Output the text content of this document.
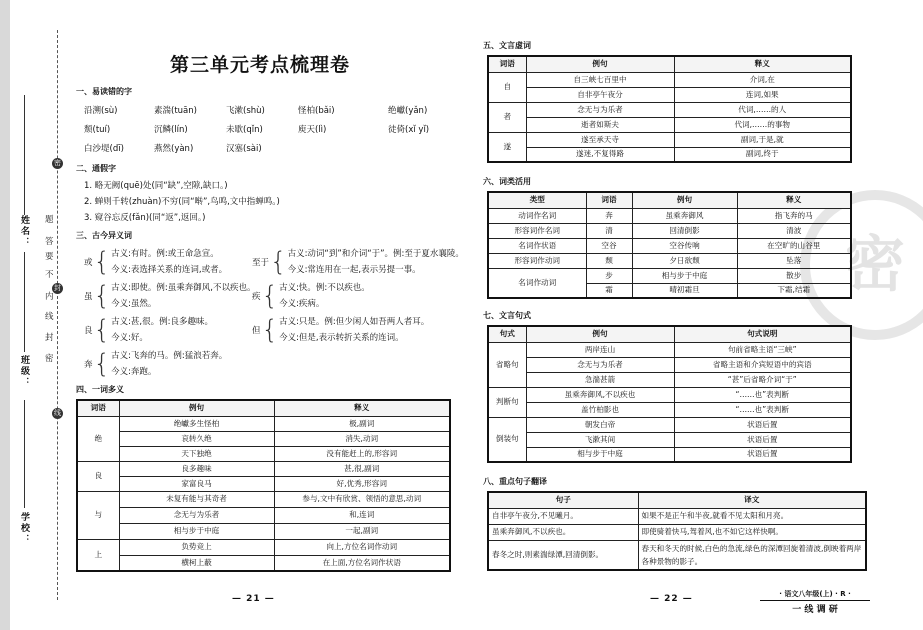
姓名：
班级：
学校：
密
封
线
密
封
线
内
不
要
答
题
第三单元考点梳理卷
一、易读错的字
沿溯(sù)	素湍(tuān)	飞漱(shù)	怪柏(bǎi)	绝巘(yǎn)
颓(tuí)	沉鳞(lín)	未歇(qǐn)	庾天(lì)	徒倚(xǐ yǐ)
白沙堤(dī)	燕然(yàn)	汉塞(sài)
二、通假字
1. 略无阙(quē)处(同“缺”,空隙,缺口。)
2. 蝉则千转(zhuàn)不穷(同“啭”,鸟鸣,文中指蝉鸣。)
3. 窥谷忘反(fǎn)(同“返”,返回。)
三、古今异义词
或 { 古义:有时。例:或王命急宣。
今义:表选择关系的连词,或者。
至于 { 古义:动词“到”和介词“于”。例:至于夏水襄陵。
今义:常连用在一起,表示另提一事。
虽 { 古义:即使。例:虽乘奔御风,不以疾也。
今义:虽然。
疾 { 古义:快。例:不以疾也。
今义:疾病。
良 { 古义:甚,很。例:良多趣味。
今义:好。
但 { 古义:只是。例:但少闲人如吾两人者耳。
今义:但是,表示转折关系的连词。
奔 { 古义:飞奔的马。例:猛浪若奔。
今义:奔跑。
四、一词多义
词语	例句	释义
绝	绝巘多生怪柏	极,副词
	哀转久绝	消失,动词
	天下独绝	没有能赶上的,形容词
良	良多趣味	甚,很,副词
	家富良马	好,优秀,形容词
与	未复有能与其奇者	参与,文中有欣赏、领悟的意思,动词
	念无与为乐者	和,连词
	相与步于中庭	一起,副词
上	负势竞上	向上,方位名词作动词
	横柯上蔽	在上面,方位名词作状语
— 21 —
密
五、文言虚词
词语	例句	释义
自	自三峡七百里中	介词,在
	自非亭午夜分	连词,如果
者	念无与为乐者	代词,……的人
	逝者如斯夫	代词,……的事物
遂	遂至承天寺	副词,于是,就
	遂迷,不复得路	副词,终于
六、词类活用
类型	词语	例句	释义
动词作名词	奔	虽乘奔御风	指飞奔的马
形容词作名词	清	回清倒影	清波
名词作状语	空谷	空谷传响	在空旷的山谷里
形容词作动词	颓	夕日欲颓	坠落
名词作动词	步	相与步于中庭	散步
	霜	晴初霜旦	下霜,结霜
七、文言句式
句式	例句	句式说明
省略句	两岸连山	句前省略主语“三峡”
	念无与为乐者	省略主语和介宾短语中的宾语
	急湍甚箭	“甚”后省略介词“于”
判断句	虽乘奔御风,不以疾也	“……也”表判断
	盖竹柏影也	“……也”表判断
倒装句	朝发白帝	状语后置
	飞漱其间	状语后置
	相与步于中庭	状语后置
八、重点句子翻译
句子	译文
自非亭午夜分,不见曦月。	如果不是正午和半夜,就看不见太阳和月亮。
虽乘奔御风,不以疾也。	即使骑着快马,驾着风,也不如它这样快啊。
春冬之时,则素湍绿潭,回清倒影。	春天和冬天的时候,白色的急流,绿色的深潭回旋着清波,倒映着两岸各种景物的影子。
— 22 —	· 语文八年级(上) · R ·
一 线 调 研
